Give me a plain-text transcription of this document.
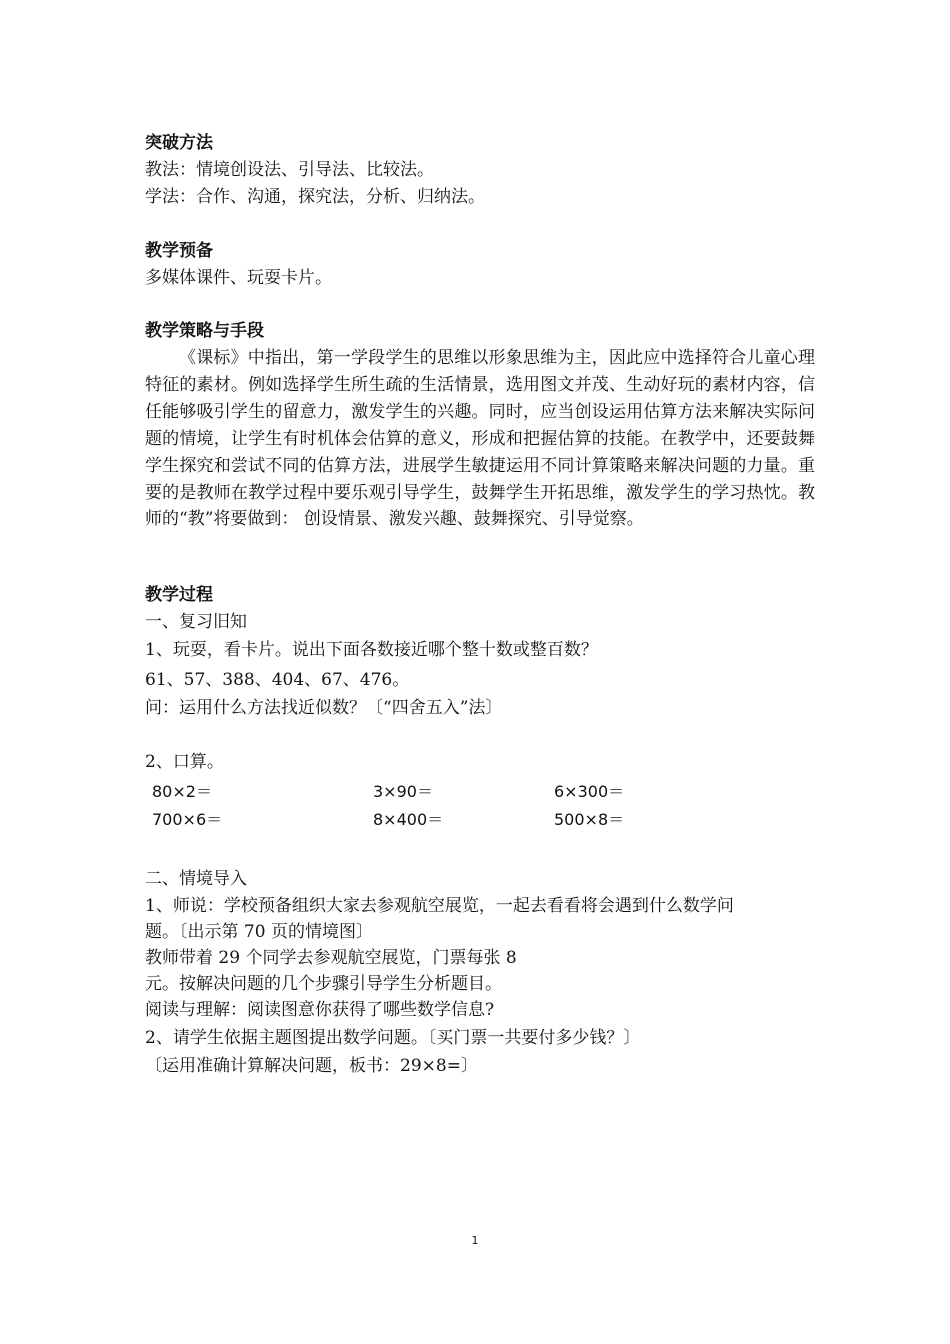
突破方法
教法：情境创设法、引导法、比较法。
学法：合作、沟通，探究法，分析、归纳法。
教学预备
多媒体课件、玩耍卡片。
教学策略与手段

《课标》中指出，第一学段学生的思维以形象思维为主，因此应中选择符合儿童心理特征的素材。例如选择学生所生疏的生活情景，选用图文并茂、生动好玩的素材内容，信任能够吸引学生的留意力，激发学生的兴趣。同时，应当创设运用估算方法来解决实际问题的情境，让学生有时机体会估算的意义，形成和把握估算的技能。在教学中，还要鼓舞学生探究和尝试不同的估算方法，进展学生敏捷运用不同计算策略来解决问题的力量。重要的是教师在教学过程中要乐观引导学生，鼓舞学生开拓思维，激发学生的学习热忱。教师的“教”将要做到： 创设情景、激发兴趣、鼓舞探究、引导觉察。

教学过程
一、复习旧知
1、玩耍，看卡片。说出下面各数接近哪个整十数或整百数？
61、57、388、404、67、476。
问：运用什么方法找近似数？〔“四舍五入”法〕
2、口算。
80×2＝	3×90＝	6×300＝
700×6＝	8×400＝	500×8＝
二、情境导入
1、师说：学校预备组织大家去参观航空展览，一起去看看将会遇到什么数学问
题。〔出示第 70 页的情境图〕
教师带着 29 个同学去参观航空展览，门票每张 8
元。按解决问题的几个步骤引导学生分析题目。
阅读与理解：阅读图意你获得了哪些数学信息?
2、请学生依据主题图提出数学问题。〔买门票一共要付多少钱？〕
〔运用准确计算解决问题，板书：29×8=〕
1
